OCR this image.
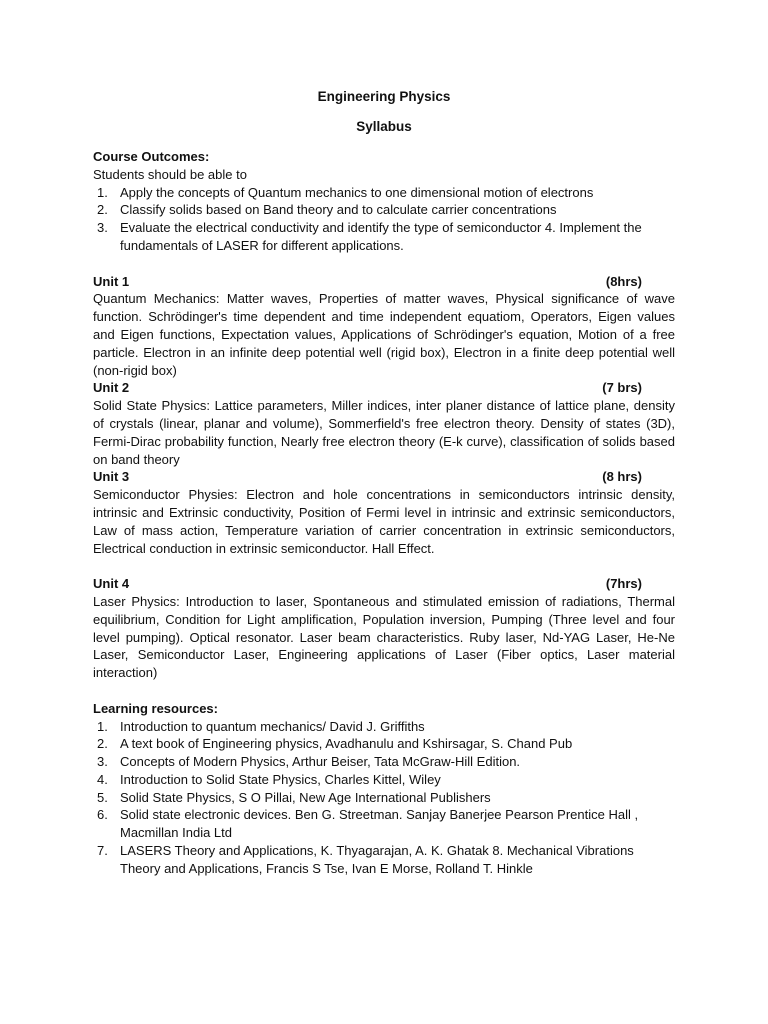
Engineering Physics
Syllabus
Course Outcomes:
Students should be able to
1. Apply the concepts of Quantum mechanics to one dimensional motion of electrons
2. Classify solids based on Band theory and to calculate carrier concentrations
3. Evaluate the electrical conductivity and identify the type of semiconductor 4. Implement the fundamentals of LASER for different applications.
Unit 1	(8hrs)

Quantum Mechanics: Matter waves, Properties of matter waves, Physical significance of wave function. Schrödinger's time dependent and time independent equatiom, Operators, Eigen values and Eigen functions, Expectation values, Applications of Schrödinger's equation, Motion of a free particle. Electron in an infinite deep potential well (rigid box), Electron in a finite deep potential well (non-rigid box)

Unit 2	(7 brs)

Solid State Physics: Lattice parameters, Miller indices, inter planer distance of lattice plane, density of crystals (linear, planar and volume), Sommerfield's free electron theory. Density of states (3D), Fermi-Dirac probability function, Nearly free electron theory (E-k curve), classification of solids based on band theory

Unit 3	(8 hrs)

Semiconductor Physies: Electron and hole concentrations in semiconductors intrinsic density, intrinsic and Extrinsic conductivity, Position of Fermi level in intrinsic and extrinsic semiconductors, Law of mass action, Temperature variation of carrier concentration in extrinsic semiconductors, Electrical conduction in extrinsic semiconductor. Hall Effect.

Unit 4	(7hrs)

Laser Physics: Introduction to laser, Spontaneous and stimulated emission of radiations, Thermal equilibrium, Condition for Light amplification, Population inversion, Pumping (Three level and four level pumping). Optical resonator. Laser beam characteristics. Ruby laser, Nd-YAG Laser, He-Ne Laser, Semiconductor Laser, Engineering applications of Laser (Fiber optics, Laser material interaction)

Learning resources:
1. Introduction to quantum mechanics/ David J. Griffiths
2. A text book of Engineering physics, Avadhanulu and Kshirsagar, S. Chand Pub
3. Concepts of Modern Physics, Arthur Beiser, Tata McGraw-Hill Edition.
4. Introduction to Solid State Physics, Charles Kittel, Wiley
5. Solid State Physics, S O Pillai, New Age International Publishers
6. Solid state electronic devices. Ben G. Streetman. Sanjay Banerjee Pearson Prentice Hall , Macmillan India Ltd
7. LASERS Theory and Applications, K. Thyagarajan, A. K. Ghatak 8. Mechanical Vibrations Theory and Applications, Francis S Tse, Ivan E Morse, Rolland T. Hinkle
